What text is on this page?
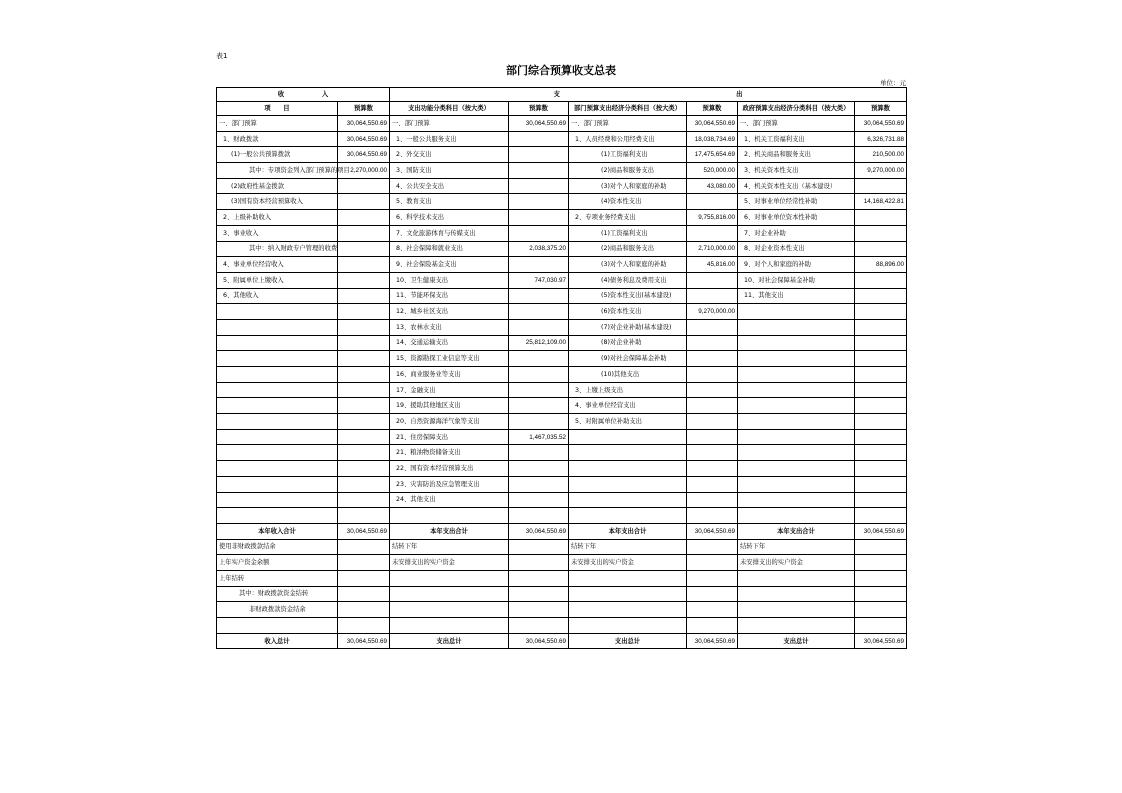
表1
部门综合预算收支总表
单位：元
收　　　　　　入		支　　　　　　　　　　　　　　　　　　　　　　　　　　　　出					
项　　目	预算数	支出功能分类科目（按大类）	预算数	部门预算支出经济分类科目（按大类）	预算数	政府预算支出经济分类科目（按大类）	预算数
一、部门预算	30,064,550.69	一、部门预算	30,064,550.69	一、部门预算	30,064,550.69	一、部门预算	30,064,550.69
1、财政拨款	30,064,550.69	1、一般公共服务支出		1、人员经费和公用经费支出	18,038,734.69	1、机关工资福利支出	6,326,731.88
(1)一般公共预算拨款	30,064,550.69	2、外交支出		(1)工资福利支出	17,475,654.69	2、机关商品和服务支出	210,500.00
其中：专项资金列入部门预算的项目	2,270,000.00	3、国防支出		(2)商品和服务支出	520,000.00	3、机关资本性支出	9,270,000.00
(2)政府性基金拨款		4、公共安全支出		(3)对个人和家庭的补助	43,080.00	4、机关资本性支出（基本建设）	
(3)国有资本经营预算收入		5、教育支出		(4)资本性支出		5、对事业单位经常性补助	14,168,422.81
2、上级补助收入		6、科学技术支出		2、专项业务经费支出	9,755,816.00	6、对事业单位资本性补助	
3、事业收入		7、文化旅游体育与传媒支出		(1)工资福利支出		7、对企业补助	
其中：纳入财政专户管理的收费		8、社会保障和就业支出	2,038,375.20	(2)商品和服务支出	2,710,000.00	8、对企业资本性支出	
4、事业单位经营收入		9、社会保险基金支出		(3)对个人和家庭的补助	45,816.00	9、对个人和家庭的补助	88,896.00
5、附属单位上缴收入		10、卫生健康支出	747,030.97	(4)债务利息及费用支出		10、对社会保障基金补助	
6、其他收入		11、节能环保支出		(5)资本性支出(基本建设)		11、其他支出	
		12、城乡社区支出		(6)资本性支出	9,270,000.00		
		13、农林水支出		(7)对企业补助(基本建设)			
		14、交通运输支出	25,812,109.00	(8)对企业补助			
		15、资源勘探工业信息等支出		(9)对社会保障基金补助			
		16、商业服务业等支出		(10)其他支出			
		17、金融支出		3、上缴上级支出			
		19、援助其他地区支出		4、事业单位经营支出			
		20、自然资源海洋气象等支出		5、对附属单位补助支出			
		21、住房保障支出	1,467,035.52				
		21、粮油物资储备支出					
		22、国有资本经营预算支出					
		23、灾害防治及应急管理支出					
		24、其他支出					

本年收入合计	30,064,550.69	本年支出合计	30,064,550.69	本年支出合计	30,064,550.69	本年支出合计	30,064,550.69
使用非财政拨款结余		结转下年		结转下年		结转下年	
上年实户资金余额		未安排支出的实户资金		未安排支出的实户资金		未安排支出的实户资金	
上年结转							
其中：财政拨款资金结转							
非财政拨款资金结余							

收入总计	30,064,550.69	支出总计	30,064,550.69	支出总计	30,064,550.69	支出总计	30,064,550.69
